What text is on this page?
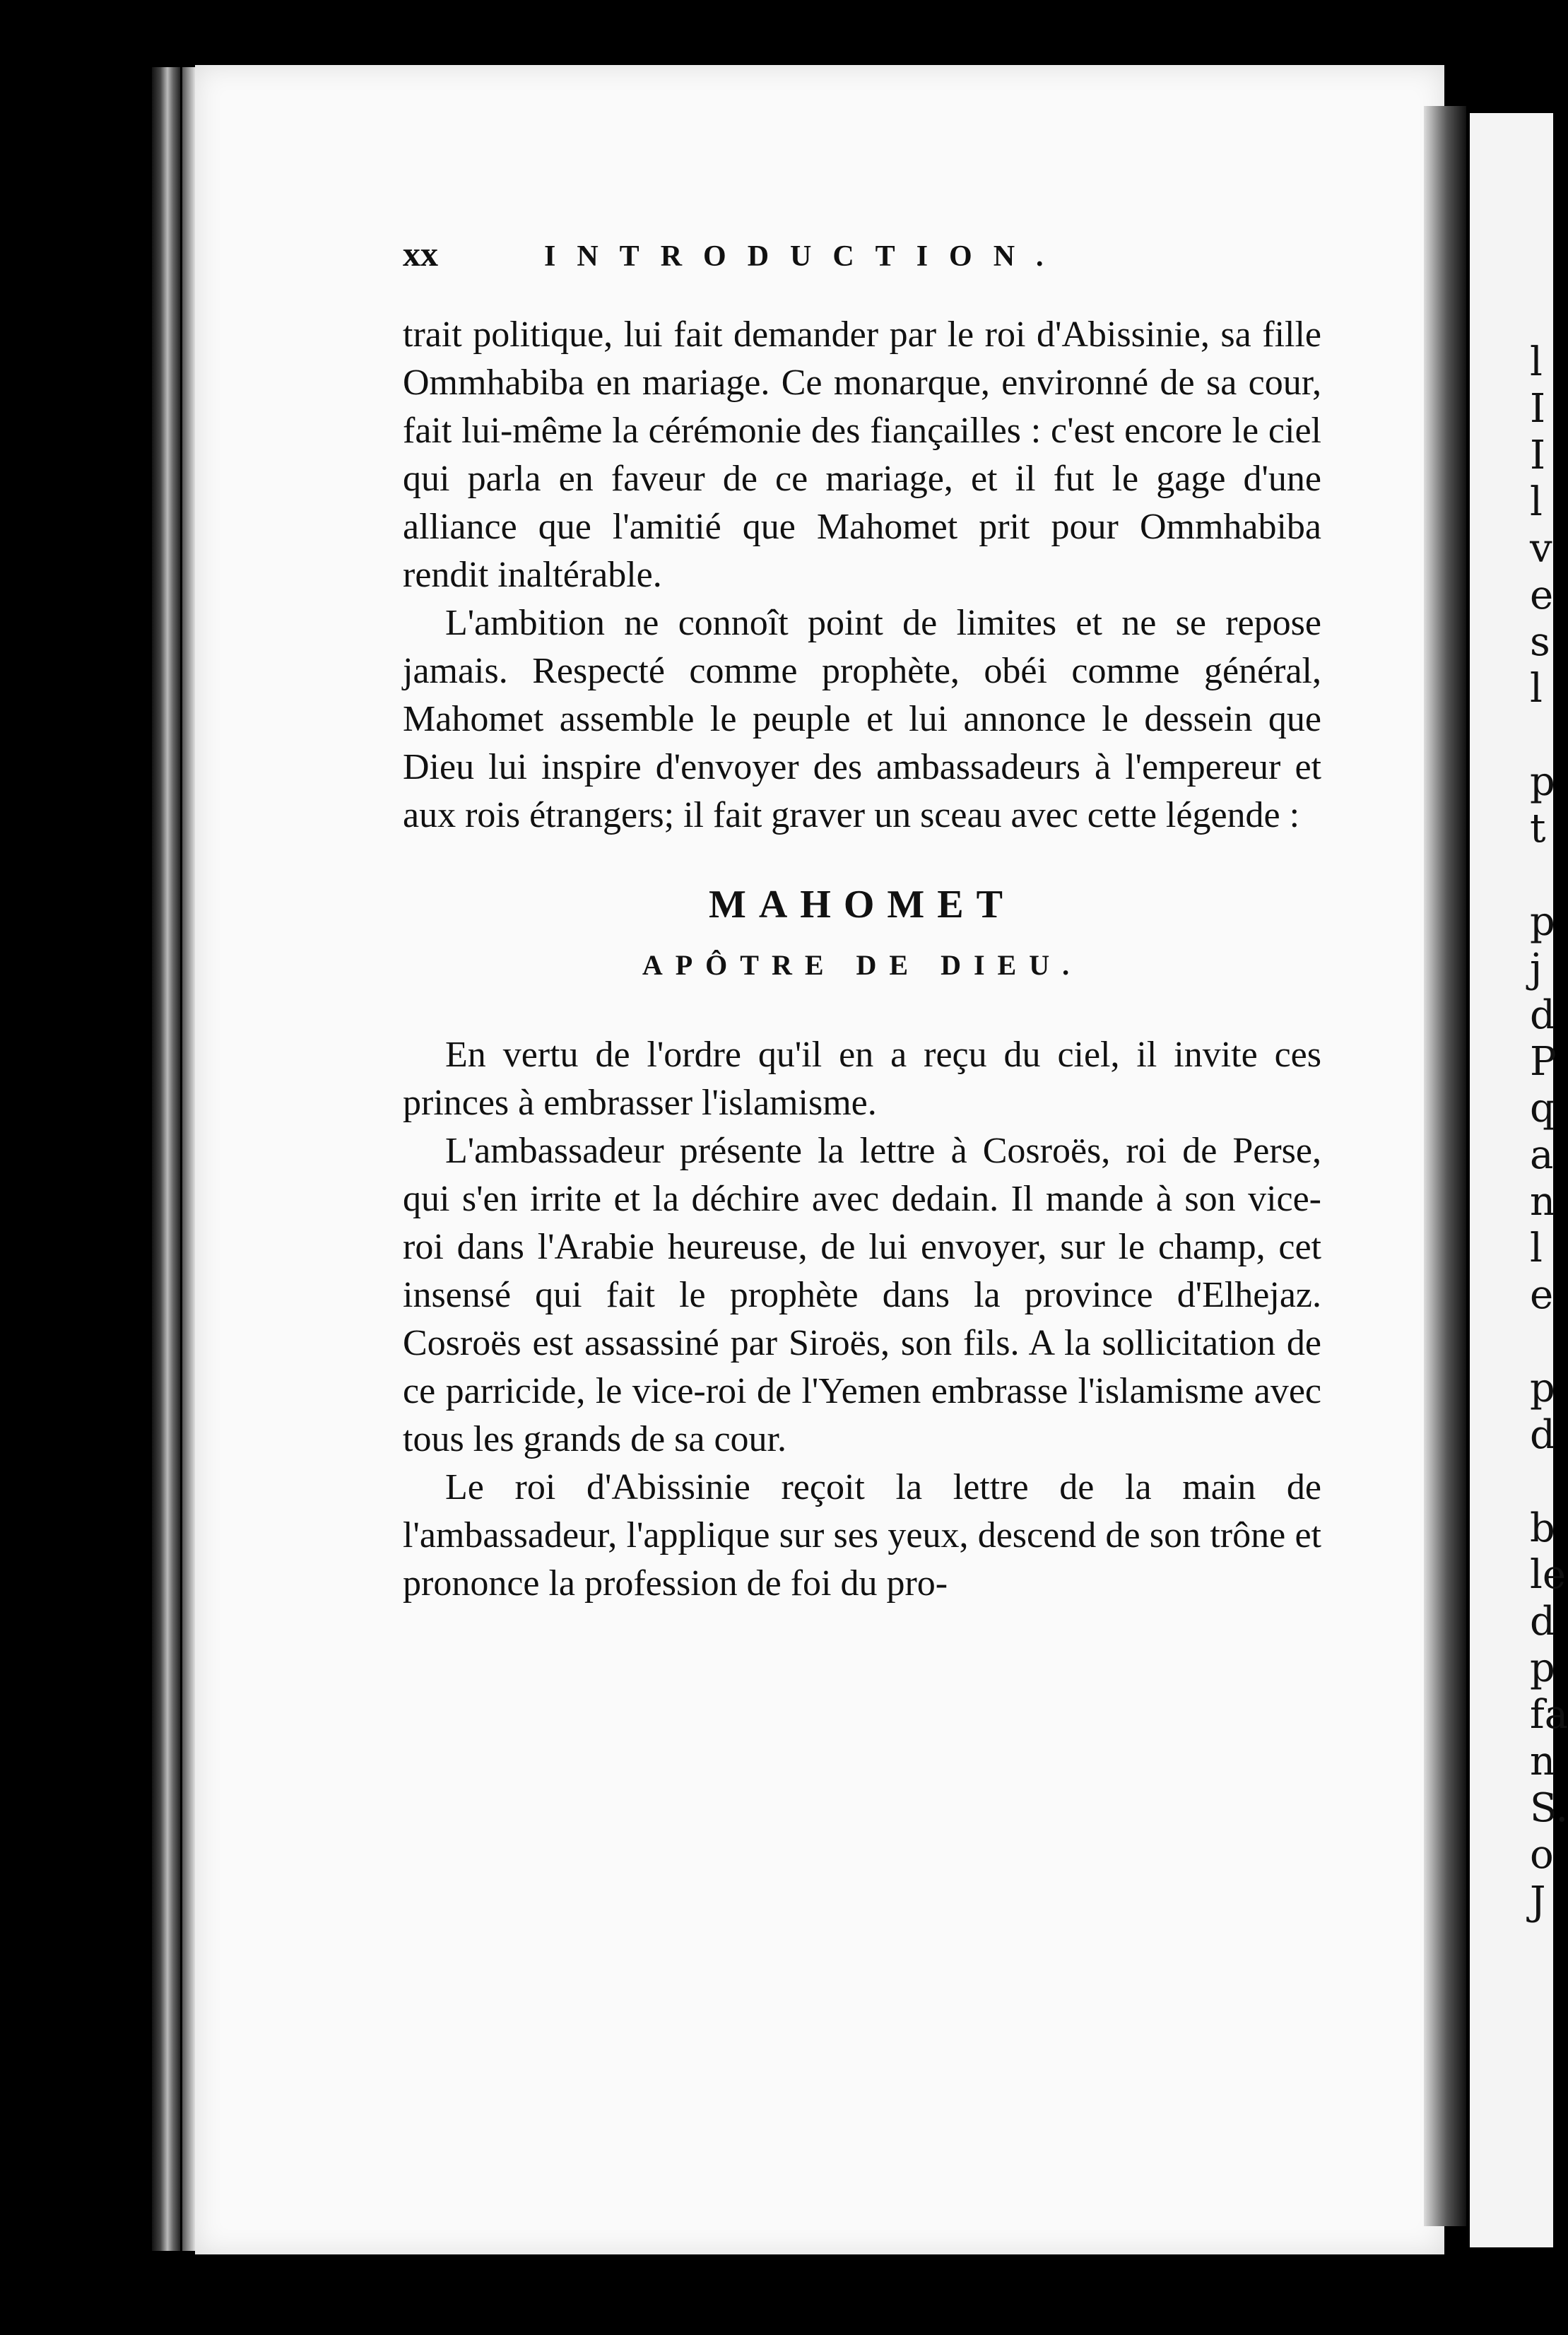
l
I
I
l
v
e
s
l

p
t

p
j
d
P
q
a
n
l
e

p
d

b
le
d
p
fa
n
S.
o
J
xx	INTRODUCTION.

trait politique, lui fait demander par le roi d'Abissinie, sa fille Ommhabiba en mariage. Ce monarque, environné de sa cour, fait lui-même la cérémonie des fiançailles : c'est encore le ciel qui parla en faveur de ce mariage, et il fut le gage d'une alliance que l'amitié que Mahomet prit pour Ommhabiba rendit inaltérable.

L'ambition ne connoît point de limites et ne se repose jamais. Respecté comme prophète, obéi comme général, Mahomet assemble le peuple et lui annonce le dessein que Dieu lui inspire d'envoyer des ambassadeurs à l'empereur et aux rois étrangers; il fait graver un sceau avec cette légende :

MAHOMET
APÔTRE DE DIEU.

En vertu de l'ordre qu'il en a reçu du ciel, il invite ces princes à embrasser l'islamisme.

L'ambassadeur présente la lettre à Cosroës, roi de Perse, qui s'en irrite et la déchire avec dedain. Il mande à son vice-roi dans l'Arabie heureuse, de lui envoyer, sur le champ, cet insensé qui fait le prophète dans la province d'Elhejaz. Cosroës est assassiné par Siroës, son fils. A la sollicitation de ce parricide, le vice-roi de l'Yemen embrasse l'islamisme avec tous les grands de sa cour.

Le roi d'Abissinie reçoit la lettre de la main de l'ambassadeur, l'applique sur ses yeux, descend de son trône et prononce la profession de foi du pro-
